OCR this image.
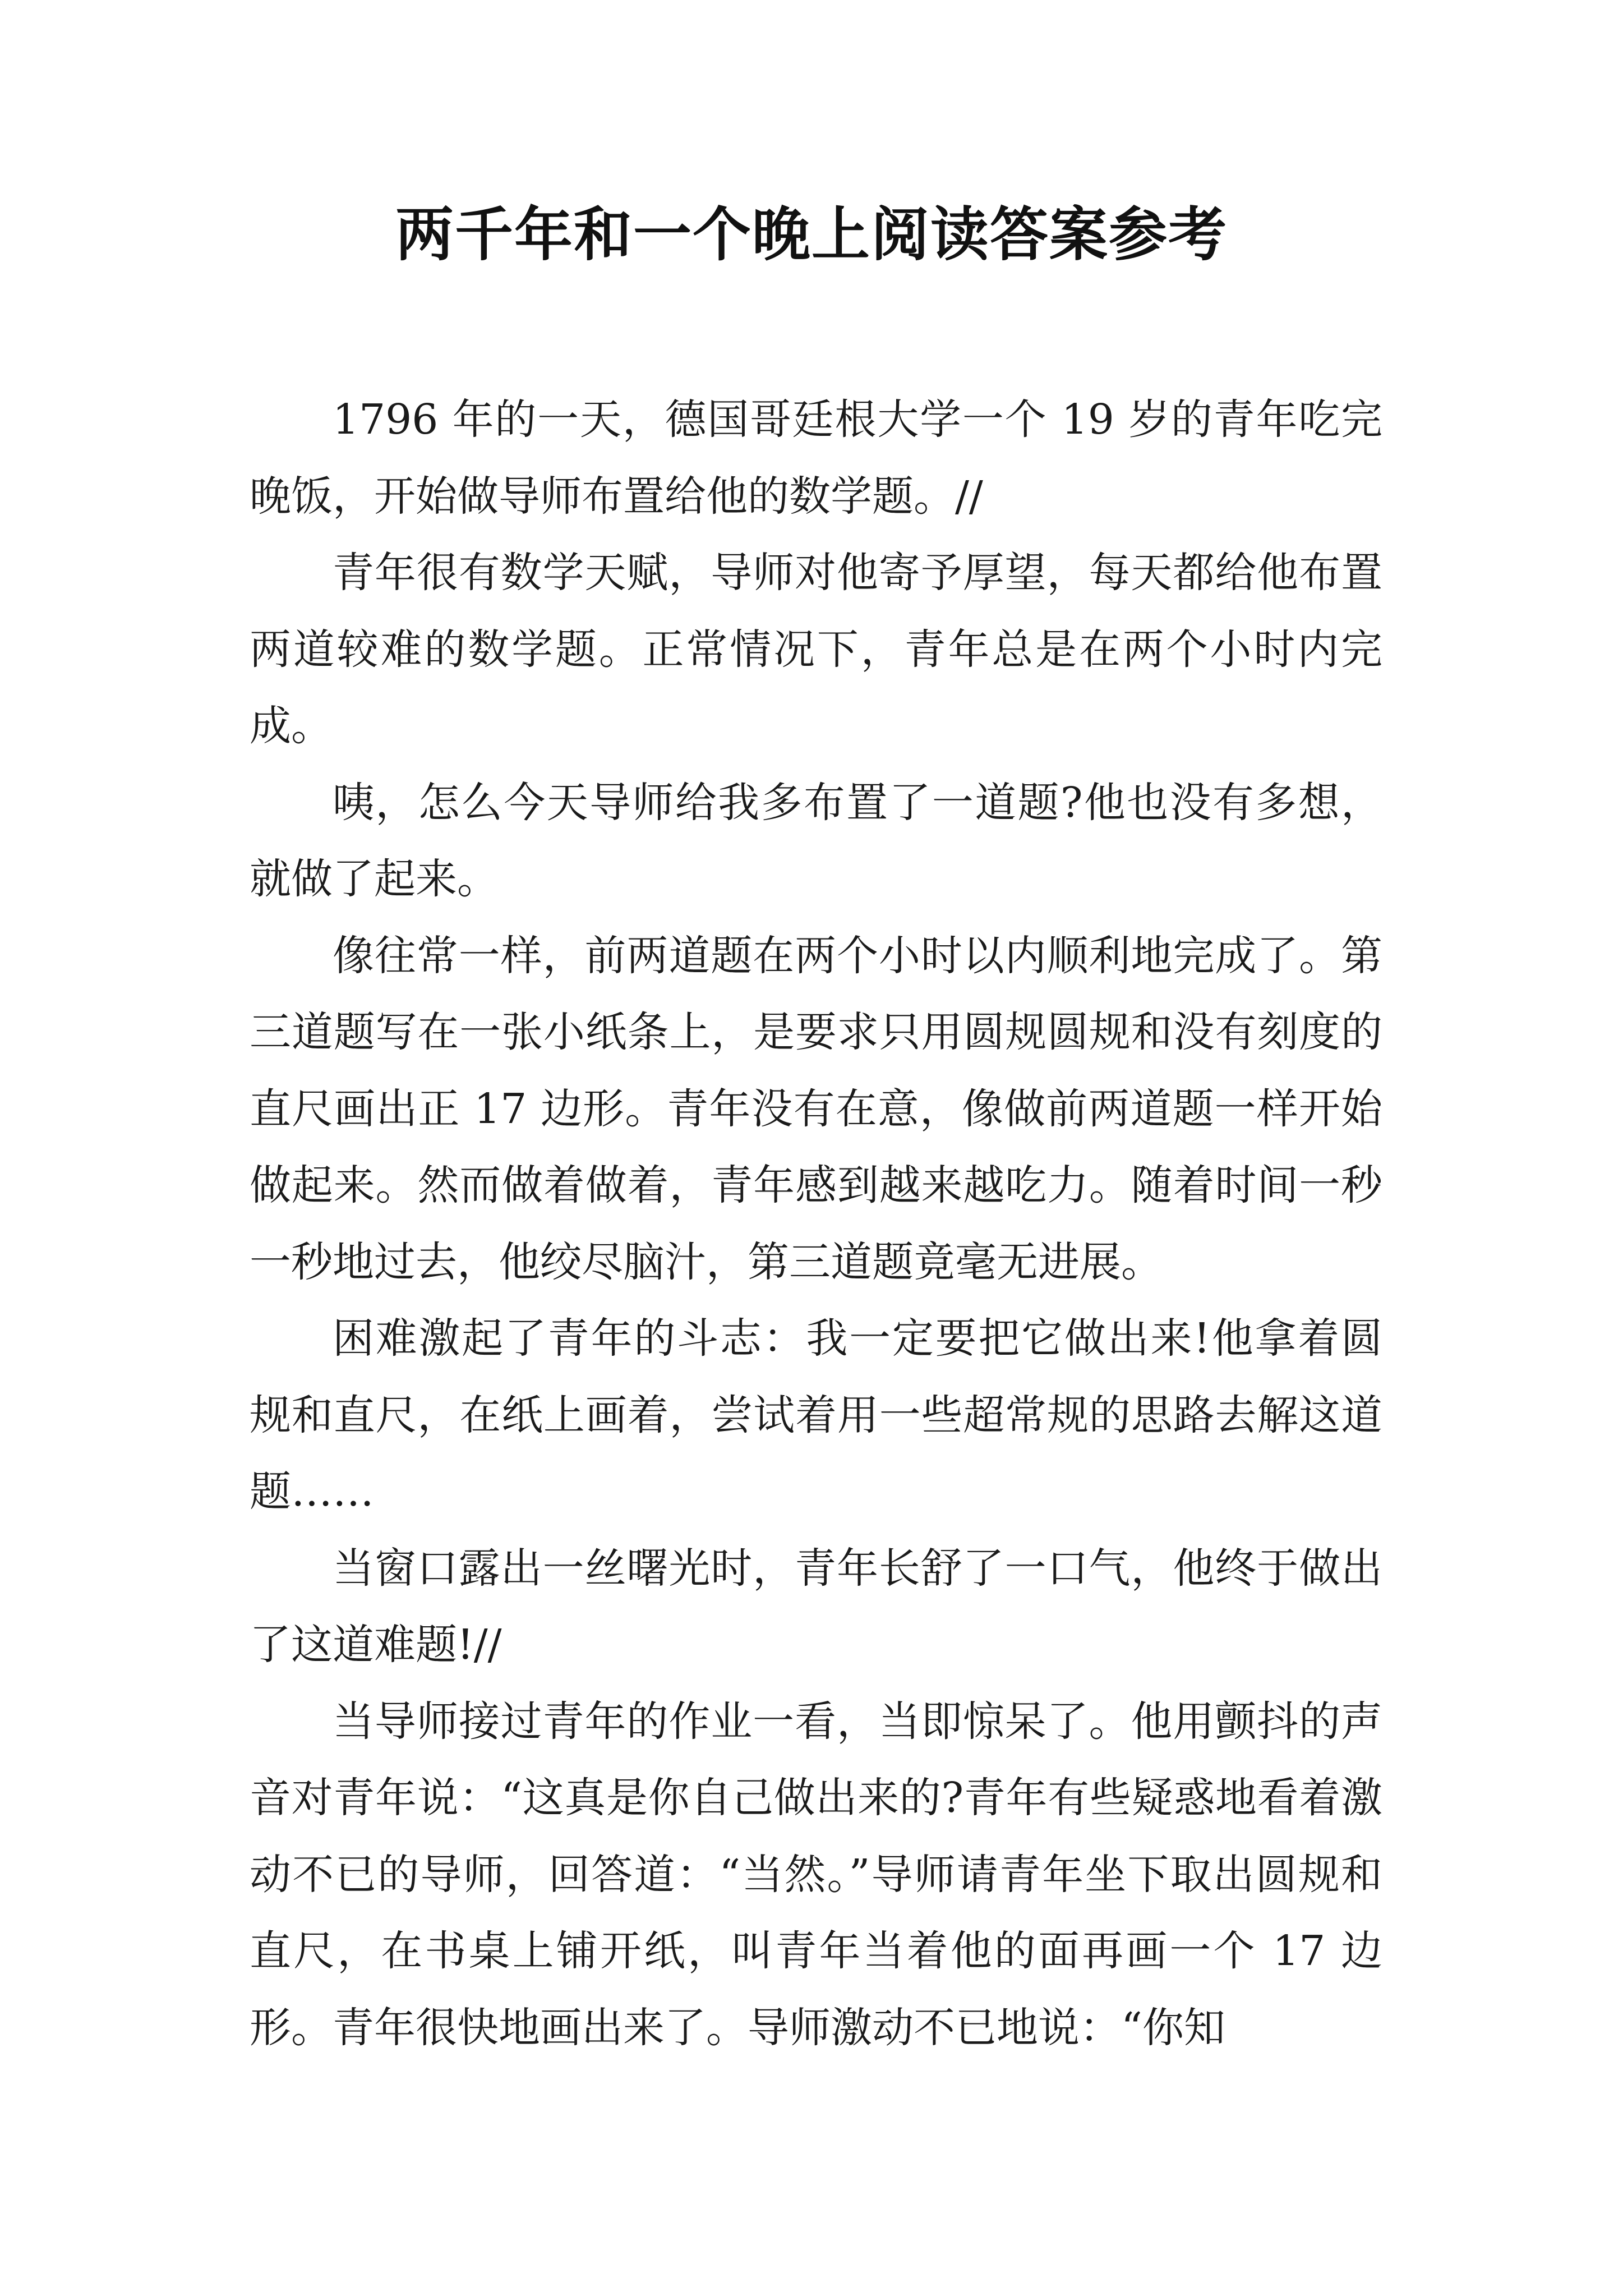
两千年和一个晚上阅读答案参考

1796 年的一天，德国哥廷根大学一个 19 岁的青年吃完晚饭，开始做导师布置给他的数学题。//

青年很有数学天赋，导师对他寄予厚望，每天都给他布置两道较难的数学题。正常情况下，青年总是在两个小时内完成。

咦，怎么今天导师给我多布置了一道题?他也没有多想，就做了起来。

像往常一样，前两道题在两个小时以内顺利地完成了。第三道题写在一张小纸条上，是要求只用圆规圆规和没有刻度的直尺画出正 17 边形。青年没有在意，像做前两道题一样开始做起来。然而做着做着，青年感到越来越吃力。随着时间一秒一秒地过去，他绞尽脑汁，第三道题竟毫无进展。

困难激起了青年的斗志：我一定要把它做出来!他拿着圆规和直尺，在纸上画着，尝试着用一些超常规的思路去解这道题……

当窗口露出一丝曙光时，青年长舒了一口气，他终于做出了这道难题!//

当导师接过青年的作业一看，当即惊呆了。他用颤抖的声音对青年说：“这真是你自己做出来的?青年有些疑惑地看着激动不已的导师，回答道：“当然。”导师请青年坐下取出圆规和直尺，在书桌上铺开纸，叫青年当着他的面再画一个 17 边形。青年很快地画出来了。导师激动不已地说：“你知
